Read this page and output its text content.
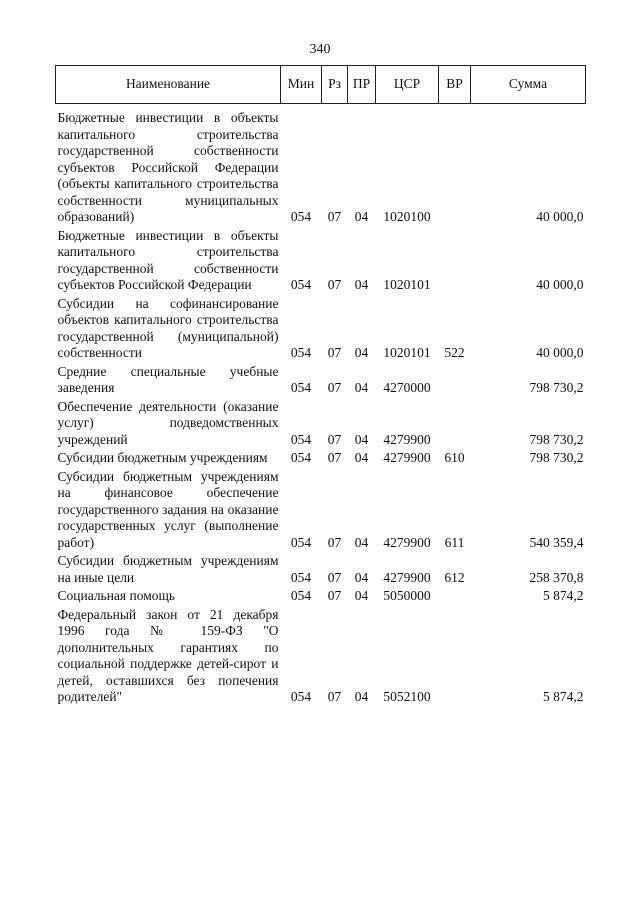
340
Наименование	Мин	Рз	ПР	ЦСР	ВР	Сумма
Бюджетные инвестиции в объекты капитального строительства государственной собственности субъектов Российской Федерации (объекты капитального строительства собственности муниципальных образований)	054	07	04	1020100		40 000,0
Бюджетные инвестиции в объекты капитального строительства государственной собственности субъектов Российской Федерации	054	07	04	1020101		40 000,0
Субсидии на софинансирование объектов капитального строительства государственной (муниципальной) собственности	054	07	04	1020101	522	40 000,0
Средние специальные учебные заведения	054	07	04	4270000		798 730,2
Обеспечение деятельности (оказание услуг) подведомственных учреждений	054	07	04	4279900		798 730,2
Субсидии бюджетным учреждениям	054	07	04	4279900	610	798 730,2
Субсидии бюджетным учреждениям на финансовое обеспечение государственного задания на оказание государственных услуг (выполнение работ)	054	07	04	4279900	611	540 359,4
Субсидии бюджетным учреждениям на иные цели	054	07	04	4279900	612	258 370,8
Социальная помощь	054	07	04	5050000		5 874,2
Федеральный закон от 21 декабря 1996 года № 159-ФЗ "О дополнительных гарантиях по социальной поддержке детей-сирот и детей, оставшихся без попечения родителей"	054	07	04	5052100		5 874,2
